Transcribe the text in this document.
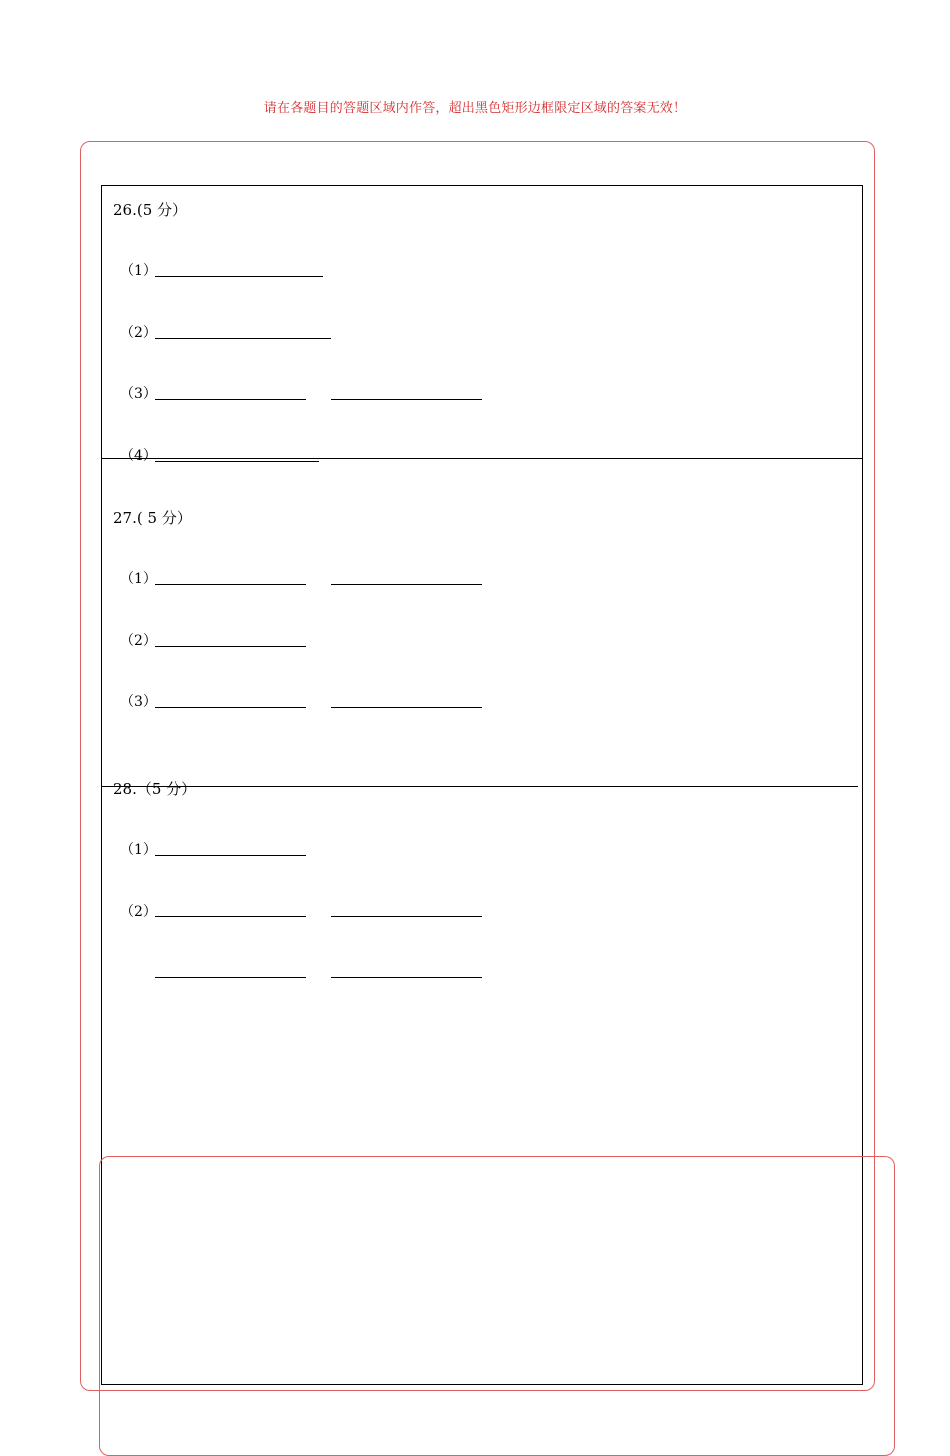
请在各题目的答题区域内作答，超出黑色矩形边框限定区域的答案无效！
26.(5 分）
（1）
（2）
（3）
（4）
27.( 5 分）
（1）
（2）
（3）
28.（5 分）
（1）
（2）
